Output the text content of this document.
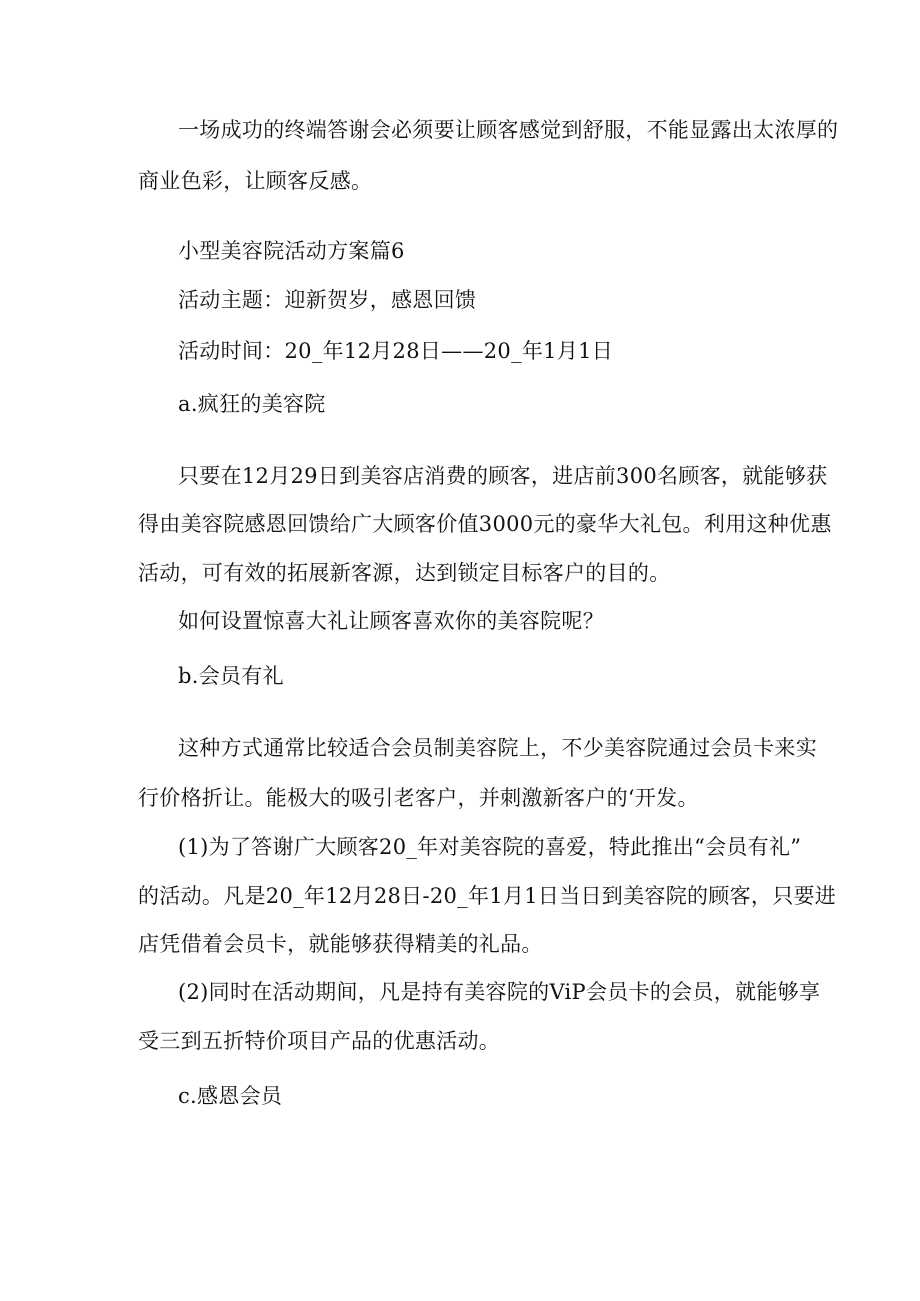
一场成功的终端答谢会必须要让顾客感觉到舒服，不能显露出太浓厚的

商业色彩，让顾客反感。

小型美容院活动方案篇6

活动主题：迎新贺岁，感恩回馈

活动时间：20_年12月28日——20_年1月1日

a.疯狂的美容院

只要在12月29日到美容店消费的顾客，进店前300名顾客，就能够获

得由美容院感恩回馈给广大顾客价值3000元的豪华大礼包。利用这种优惠

活动，可有效的拓展新客源，达到锁定目标客户的目的。

如何设置惊喜大礼让顾客喜欢你的美容院呢？

b.会员有礼

这种方式通常比较适合会员制美容院上，不少美容院通过会员卡来实

行价格折让。能极大的吸引老客户，并刺激新客户的‘开发。

(1)为了答谢广大顾客20_年对美容院的喜爱，特此推出“会员有礼”

的活动。凡是20_年12月28日-20_年1月1日当日到美容院的顾客，只要进

店凭借着会员卡，就能够获得精美的礼品。

(2)同时在活动期间，凡是持有美容院的ViP会员卡的会员，就能够享

受三到五折特价项目产品的优惠活动。

c.感恩会员
